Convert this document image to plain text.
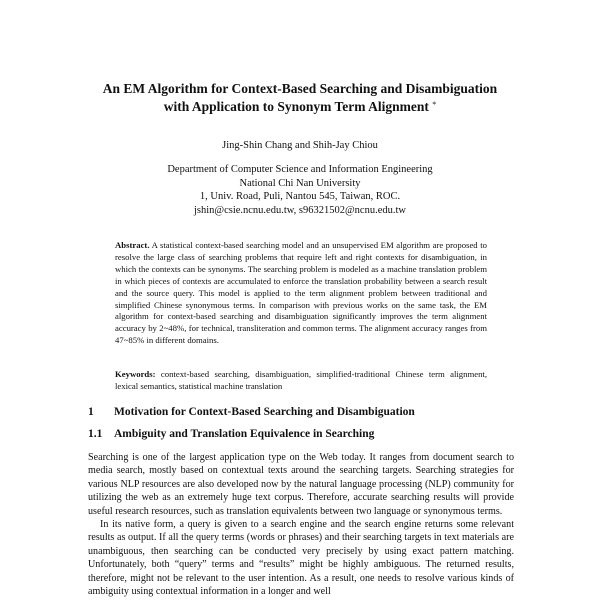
An EM Algorithm for Context-Based Searching and Disambiguation
with Application to Synonym Term Alignment *
Jing-Shin Chang and Shih-Jay Chiou
Department of Computer Science and Information Engineering
National Chi Nan University
1, Univ. Road, Puli, Nantou 545, Taiwan, ROC.
jshin@csie.ncnu.edu.tw, s96321502@ncnu.edu.tw
Abstract. A statistical context-based searching model and an unsupervised EM algorithm are proposed to resolve the large class of searching problems that require left and right contexts for disambiguation, in which the contexts can be synonyms. The searching problem is modeled as a machine translation problem in which pieces of contexts are accumulated to enforce the translation probability between a search result and the source query. This model is applied to the term alignment problem between traditional and simplified Chinese synonymous terms. In comparison with previous works on the same task, the EM algorithm for context-based searching and disambiguation significantly improves the term alignment accuracy by 2~48%, for technical, transliteration and common terms. The alignment accuracy ranges from 47~85% in different domains.
Keywords: context-based searching, disambiguation, simplified-traditional Chinese term alignment, lexical semantics, statistical machine translation
1 Motivation for Context-Based Searching and Disambiguation
1.1 Ambiguity and Translation Equivalence in Searching

Searching is one of the largest application type on the Web today. It ranges from document search to media search, mostly based on contextual texts around the searching targets. Searching strategies for various NLP resources are also developed now by the natural language processing (NLP) community for utilizing the web as an extremely huge text corpus. Therefore, accurate searching results will provide useful research resources, such as translation equivalents between two language or synonymous terms.

In its native form, a query is given to a search engine and the search engine returns some relevant results as output. If all the query terms (words or phrases) and their searching targets in text materials are unambiguous, then searching can be conducted very precisely by using exact pattern matching. Unfortunately, both “query” terms and “results” might be highly ambiguous. The returned results, therefore, might not be relevant to the user intention. As a result, one needs to resolve various kinds of ambiguity using contextual information in a longer and well
